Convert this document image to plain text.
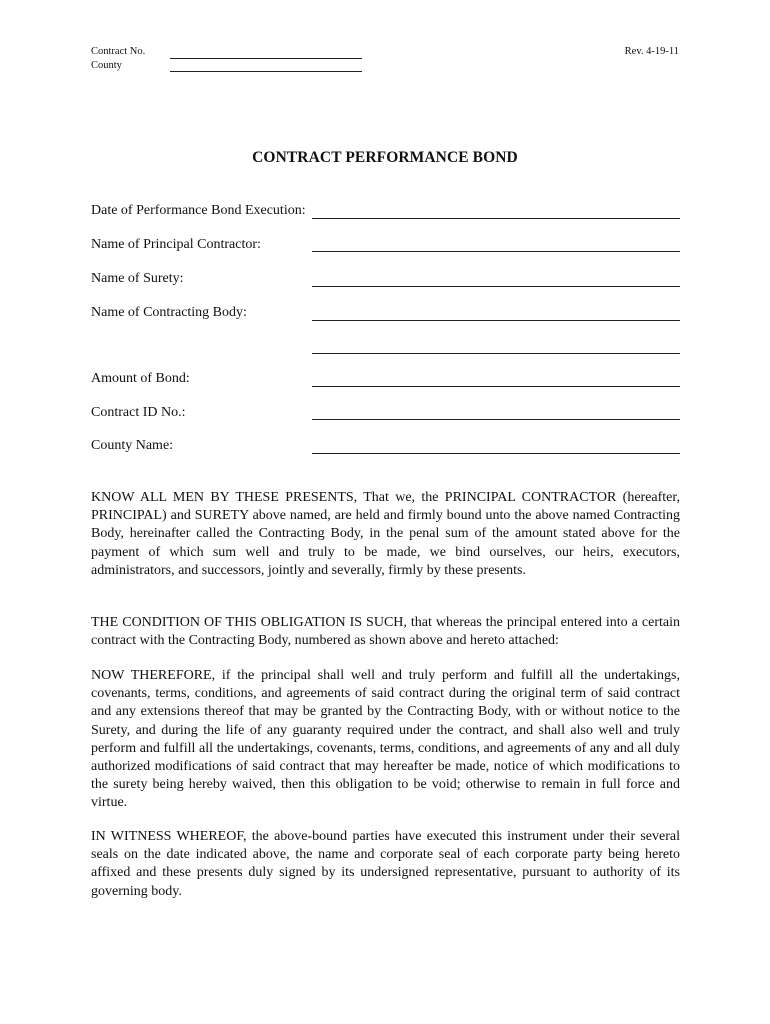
Contract No.
County
Rev. 4-19-11
CONTRACT PERFORMANCE BOND
Date of Performance Bond Execution:
Name of Principal Contractor:
Name of Surety:
Name of Contracting Body:
Amount of Bond:
Contract ID No.:
County Name:

KNOW ALL MEN BY THESE PRESENTS, That we, the PRINCIPAL CONTRACTOR (hereafter, PRINCIPAL) and SURETY above named, are held and firmly bound unto the above named Contracting Body, hereinafter called the Contracting Body, in the penal sum of the amount stated above for the payment of which sum well and truly to be made, we bind ourselves, our heirs, executors, administrators, and successors, jointly and severally, firmly by these presents.

THE CONDITION OF THIS OBLIGATION IS SUCH, that whereas the principal entered into a certain contract with the Contracting Body, numbered as shown above and hereto attached:

NOW THEREFORE, if the principal shall well and truly perform and fulfill all the undertakings, covenants, terms, conditions, and agreements of said contract during the original term of said contract and any extensions thereof that may be granted by the Contracting Body, with or without notice to the Surety, and during the life of any guaranty required under the contract, and shall also well and truly perform and fulfill all the undertakings, covenants, terms, conditions, and agreements of any and all duly authorized modifications of said contract that may hereafter be made, notice of which modifications to the surety being hereby waived, then this obligation to be void; otherwise to remain in full force and virtue.

IN WITNESS WHEREOF, the above-bound parties have executed this instrument under their several seals on the date indicated above, the name and corporate seal of each corporate party being hereto affixed and these presents duly signed by its undersigned representative, pursuant to authority of its governing body.
